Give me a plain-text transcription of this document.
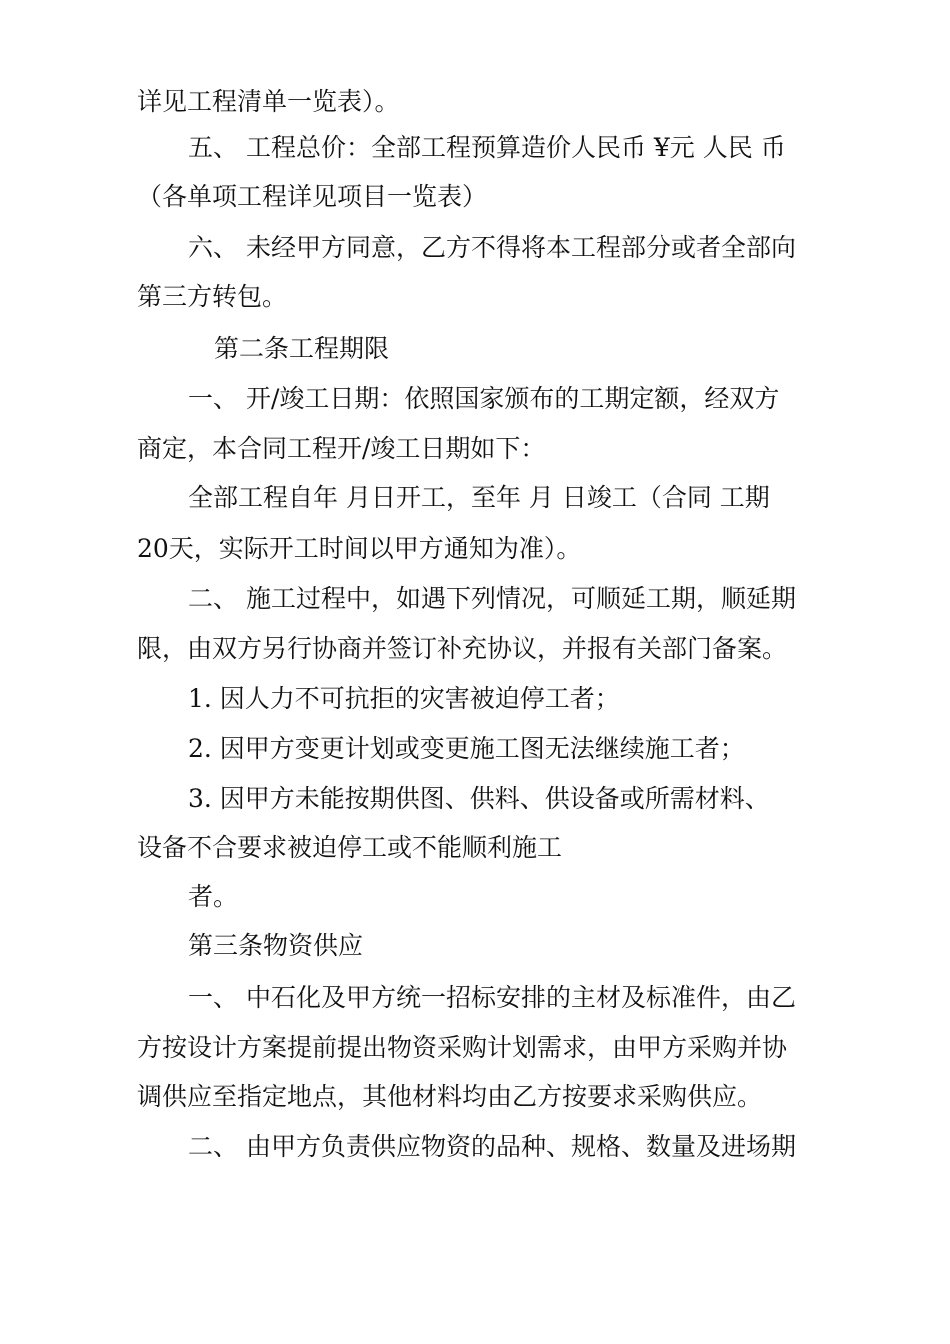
详见工程清单一览表）。

五、 工程总价：全部工程预算造价人民币 ¥元 人民 币

（各单项工程详见项目一览表）

六、 未经甲方同意，乙方不得将本工程部分或者全部向

第三方转包。

第二条工程期限

一、 开/竣工日期：依照国家颁布的工期定额，经双方

商定，本合同工程开/竣工日期如下：

全部工程自年 月日开工，至年 月 日竣工（合同 工期

20天，实际开工时间以甲方通知为准）。

二、 施工过程中，如遇下列情况，可顺延工期，顺延期

限，由双方另行协商并签订补充协议，并报有关部门备案。

1. 因人力不可抗拒的灾害被迫停工者；

2. 因甲方变更计划或变更施工图无法继续施工者；

3. 因甲方未能按期供图、供料、供设备或所需材料、

设备不合要求被迫停工或不能顺利施工

者。

第三条物资供应

一、 中石化及甲方统一招标安排的主材及标准件，由乙

方按设计方案提前提出物资采购计划需求，由甲方采购并协

调供应至指定地点，其他材料均由乙方按要求采购供应。

二、 由甲方负责供应物资的品种、规格、数量及进场期
